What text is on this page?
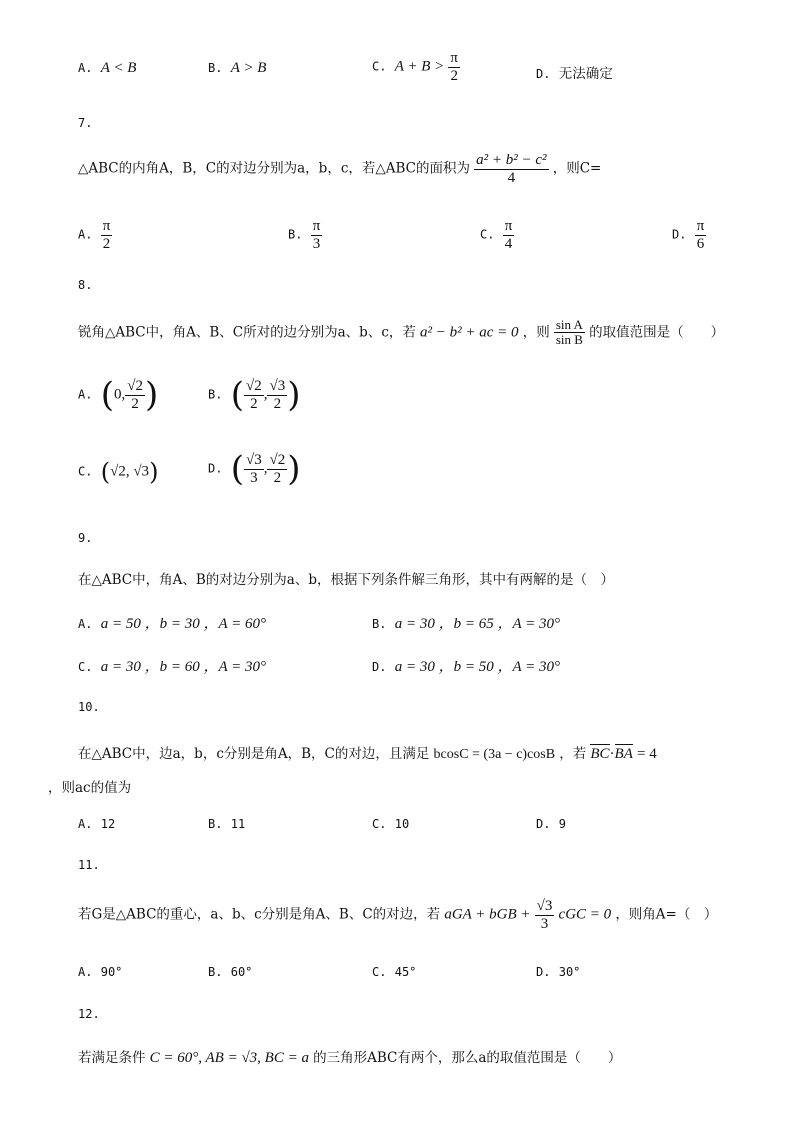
A. A < B	B. A > B	C. $A + B > \frac{\pi}{2}$	D. 无法确定
7.
△ABC的内角A，B，C的对边分别为a，b，c，若△ABC的面积为 $\frac{\text{a² + b² − c²}}{4}$ ，则C=
A. $\frac{\pi}{2}$	B. $\frac{\pi}{3}$	C. $\frac{\pi}{4}$	D. $\frac{\pi}{6}$
8.
锐角△ABC中，角A、B、C所对的边分别为a、b、c，若 a² − b² + ac = 0 ，则 $\frac{\text{sin A}}{\text{sin B}}$ 的取值范围是（　　）
A. (0, $\frac{√2}{2}$ )	B. ( $\frac{√2}{2}$ , $\frac{√3}{2}$ )
C. (√2, √3)	D. ( $\frac{√3}{3}$ , $\frac{√2}{2}$ )
9.
在△ABC中，角A、B的对边分别为a、b，根据下列条件解三角形，其中有两解的是（　）
A. a = 50 ，b = 30 ，A = 60°	B. a = 30 ，b = 65 ，A = 30°
C. a = 30 ，b = 60 ，A = 30°	D. a = 30 ，b = 50 ，A = 30°
10.
在△ABC中，边a，b，c分别是角A，B，C的对边，且满足 bcosC = (3a − c)cosB ，若 BC·BA = 4
，则ac的值为
A. 12	B. 11	C. 10	D. 9
11.
若G是△ABC的重心，a、b、c分别是角A、B、C的对边，若 aGA + bGB + $\frac{√3}{3}$ cGC = 0 ，则角A=（　）
A. 90°	B. 60°	C. 45°	D. 30°
12.
若满足条件 C = 60°, AB = √3, BC = a 的三角形ABC有两个，那么a的取值范围是（　　）
